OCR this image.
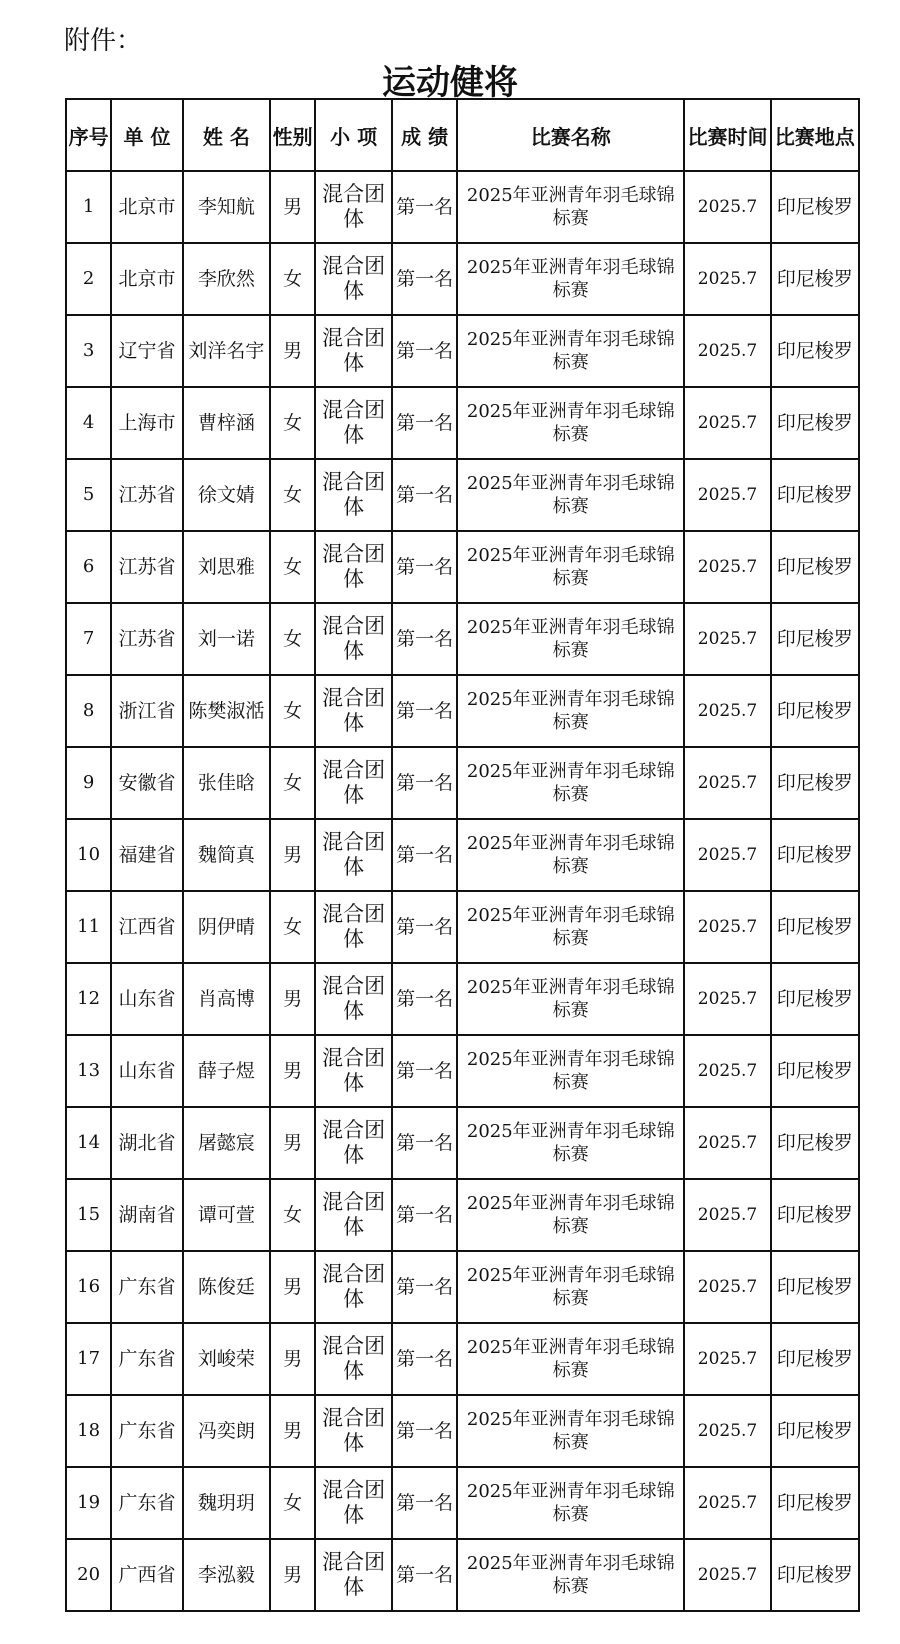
附件：
运动健将
序号	单 位	姓 名	性别	小 项	成 绩	比赛名称	比赛时间	比赛地点
1	北京市	李知航	男	混合团体	第一名	2025年亚洲青年羽毛球锦标赛	2025.7	印尼梭罗
2	北京市	李欣然	女	混合团体	第一名	2025年亚洲青年羽毛球锦标赛	2025.7	印尼梭罗
3	辽宁省	刘洋名宇	男	混合团体	第一名	2025年亚洲青年羽毛球锦标赛	2025.7	印尼梭罗
4	上海市	曹梓涵	女	混合团体	第一名	2025年亚洲青年羽毛球锦标赛	2025.7	印尼梭罗
5	江苏省	徐文婧	女	混合团体	第一名	2025年亚洲青年羽毛球锦标赛	2025.7	印尼梭罗
6	江苏省	刘思雅	女	混合团体	第一名	2025年亚洲青年羽毛球锦标赛	2025.7	印尼梭罗
7	江苏省	刘一诺	女	混合团体	第一名	2025年亚洲青年羽毛球锦标赛	2025.7	印尼梭罗
8	浙江省	陈樊淑湉	女	混合团体	第一名	2025年亚洲青年羽毛球锦标赛	2025.7	印尼梭罗
9	安徽省	张佳晗	女	混合团体	第一名	2025年亚洲青年羽毛球锦标赛	2025.7	印尼梭罗
10	福建省	魏简真	男	混合团体	第一名	2025年亚洲青年羽毛球锦标赛	2025.7	印尼梭罗
11	江西省	阴伊晴	女	混合团体	第一名	2025年亚洲青年羽毛球锦标赛	2025.7	印尼梭罗
12	山东省	肖高博	男	混合团体	第一名	2025年亚洲青年羽毛球锦标赛	2025.7	印尼梭罗
13	山东省	薛子煜	男	混合团体	第一名	2025年亚洲青年羽毛球锦标赛	2025.7	印尼梭罗
14	湖北省	屠懿宸	男	混合团体	第一名	2025年亚洲青年羽毛球锦标赛	2025.7	印尼梭罗
15	湖南省	谭可萱	女	混合团体	第一名	2025年亚洲青年羽毛球锦标赛	2025.7	印尼梭罗
16	广东省	陈俊廷	男	混合团体	第一名	2025年亚洲青年羽毛球锦标赛	2025.7	印尼梭罗
17	广东省	刘峻荣	男	混合团体	第一名	2025年亚洲青年羽毛球锦标赛	2025.7	印尼梭罗
18	广东省	冯奕朗	男	混合团体	第一名	2025年亚洲青年羽毛球锦标赛	2025.7	印尼梭罗
19	广东省	魏玥玥	女	混合团体	第一名	2025年亚洲青年羽毛球锦标赛	2025.7	印尼梭罗
20	广西省	李泓毅	男	混合团体	第一名	2025年亚洲青年羽毛球锦标赛	2025.7	印尼梭罗
